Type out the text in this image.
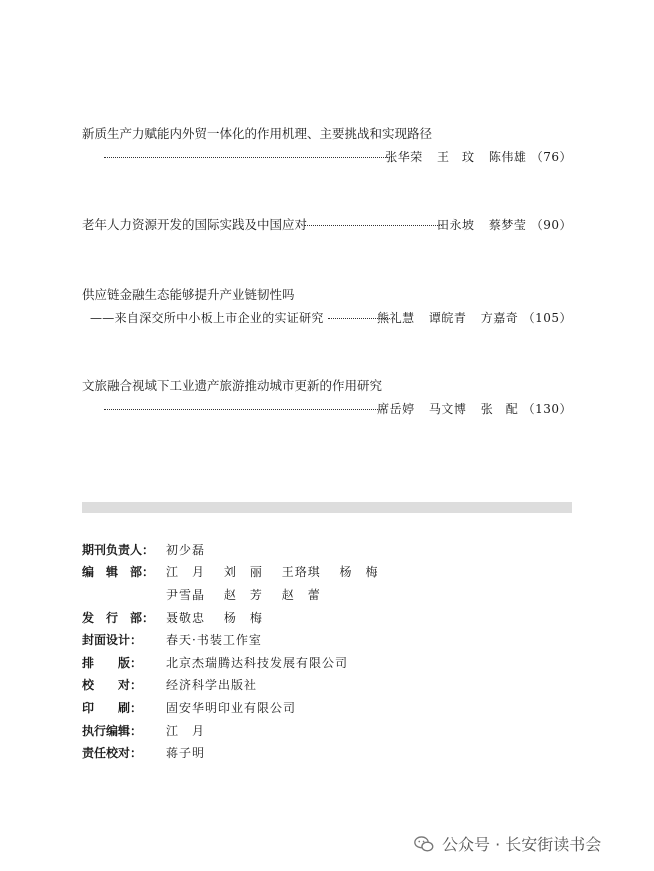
新质生产力赋能内外贸一体化的作用机理、主要挑战和实现路径
张华荣 王　玟 陈伟雄 （76）
老年人力资源开发的国际实践及中国应对	田永坡 蔡梦莹 （90）
供应链金融生态能够提升产业链韧性吗
——来自深交所中小板上市企业的实证研究	熊礼慧 谭皖青 方嘉奇 （105）
文旅融合视域下工业遗产旅游推动城市更新的作用研究
席岳婷 马文博 张　配 （130）
期刊负责人： 初少磊
编　辑　部： 江　月 刘　丽 王珞琪 杨　梅
尹雪晶 赵　芳 赵　蕾
发　行　部： 聂敬忠 杨　梅
封面设计：	春天·书装工作室
排　　版：	北京杰瑞腾达科技发展有限公司
校　　对：	经济科学出版社
印　　刷：	固安华明印业有限公司
执行编辑：	江　月
责任校对：	蒋子明
公众号 · 长安街读书会
